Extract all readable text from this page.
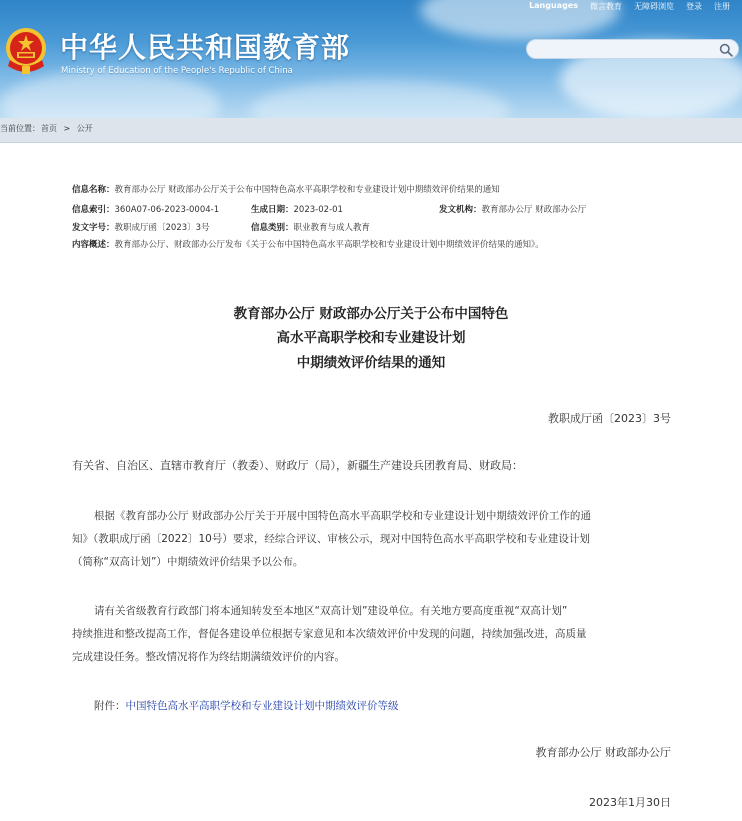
Languages	微言教育	无障碍浏览	登录	注册
中华人民共和国教育部
Ministry of Education of the People's Republic of China
当前位置：首页 > 公开
信息名称：教育部办公厅 财政部办公厅关于公布中国特色高水平高职学校和专业建设计划中期绩效评价结果的通知
信息索引：360A07-06-2023-0004-1	生成日期：2023-02-01	发文机构：教育部办公厅 财政部办公厅
发文字号：教职成厅函〔2023〕3号	信息类别：职业教育与成人教育
内容概述：教育部办公厅、财政部办公厅发布《关于公布中国特色高水平高职学校和专业建设计划中期绩效评价结果的通知》。
教育部办公厅 财政部办公厅关于公布中国特色
高水平高职学校和专业建设计划
中期绩效评价结果的通知
教职成厅函〔2023〕3号
有关省、自治区、直辖市教育厅（教委）、财政厅（局），新疆生产建设兵团教育局、财政局：
根据《教育部办公厅 财政部办公厅关于开展中国特色高水平高职学校和专业建设计划中期绩效评价工作的通
知》（教职成厅函〔2022〕10号）要求，经综合评议、审核公示，现对中国特色高水平高职学校和专业建设计划
（简称“双高计划”）中期绩效评价结果予以公布。
请有关省级教育行政部门将本通知转发至本地区“双高计划”建设单位。有关地方要高度重视“双高计划”
持续推进和整改提高工作，督促各建设单位根据专家意见和本次绩效评价中发现的问题，持续加强改进，高质量
完成建设任务。整改情况将作为终结期满绩效评价的内容。
附件：中国特色高水平高职学校和专业建设计划中期绩效评价等级
教育部办公厅 财政部办公厅
2023年1月30日
